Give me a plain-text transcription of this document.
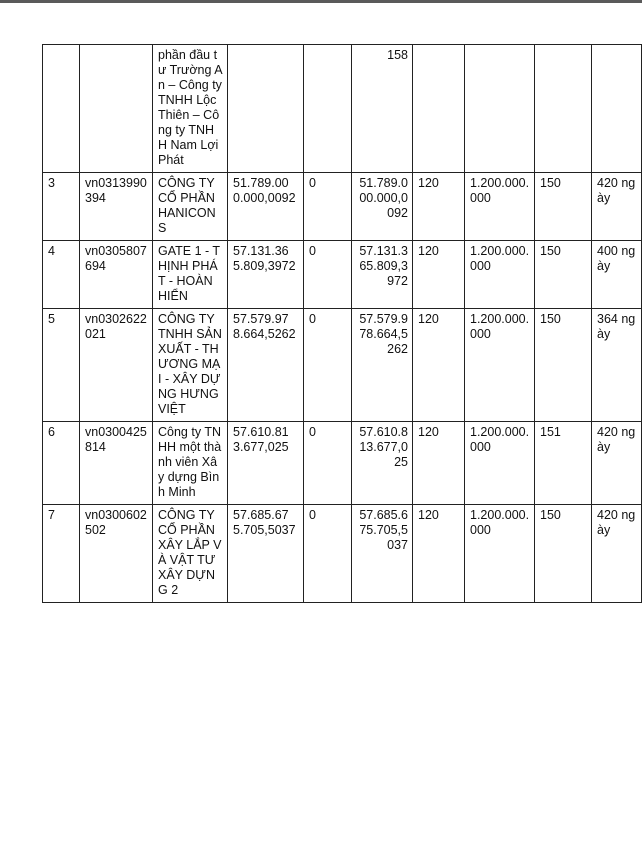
		phần đầu tư Trường An – Công ty TNHH Lộc Thiên – Công ty TNHH Nam Lợi Phát			158				
3	vn0313990394	CÔNG TY CỔ PHẦN HANICONS	51.789.000.000,0092	0	51.789.000.000,0092	120	1.200.000.000	150	420 ngày
4	vn0305807694	GATE 1 - THỊNH PHÁT - HOÀN HIỂN	57.131.365.809,3972	0	57.131.365.809,3972	120	1.200.000.000	150	400 ngày
5	vn0302622021	CÔNG TY TNHH SẢN XUẤT - THƯƠNG MẠI - XÂY DỰNG HƯNG VIỆT	57.579.978.664,5262	0	57.579.978.664,5262	120	1.200.000.000	150	364 ngày
6	vn0300425814	Công ty TNHH một thành viên Xây dựng Bình Minh	57.610.813.677,025	0	57.610.813.677,025	120	1.200.000.000	151	420 ngày
7	vn0300602502	CÔNG TY CỔ PHẦN XÂY LẮP VÀ VẬT TƯ XÂY DỰNG 2	57.685.675.705,5037	0	57.685.675.705,5037	120	1.200.000.000	150	420 ngày
